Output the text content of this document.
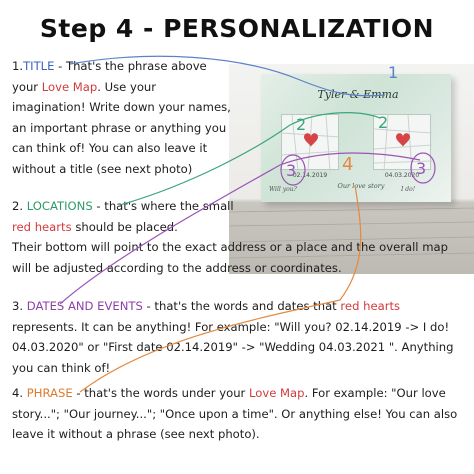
Step 4 - PERSONALIZATION
Tyler & Emma
02.14.2019	04.03.2020
Will you?	I do!
Our love story
1.TITLE - That's the phrase above your Love Map. Use your imagination! Write down your names, an important phrase or anything you can think of! You can also leave it without a title (see next photo)
2. LOCATIONS - that's where the small
red hearts should be placed.
Their bottom will point to the exact address or a place and the overall map will be adjusted according to the address or coordinates.
3. DATES AND EVENTS - that's the words and dates that red hearts represents. It can be anything! For example: "Will you? 02.14.2019 -> I do! 04.03.2020" or "First date 02.14.2019" -> "Wedding 04.03.2021 ". Anything you can think of!
4. PHRASE - that's the words under your Love Map. For example: "Our love story..."; "Our journey..."; "Once upon a time". Or anything else! You can also leave it without a phrase (see next photo).
1
2	2
3	3
4
